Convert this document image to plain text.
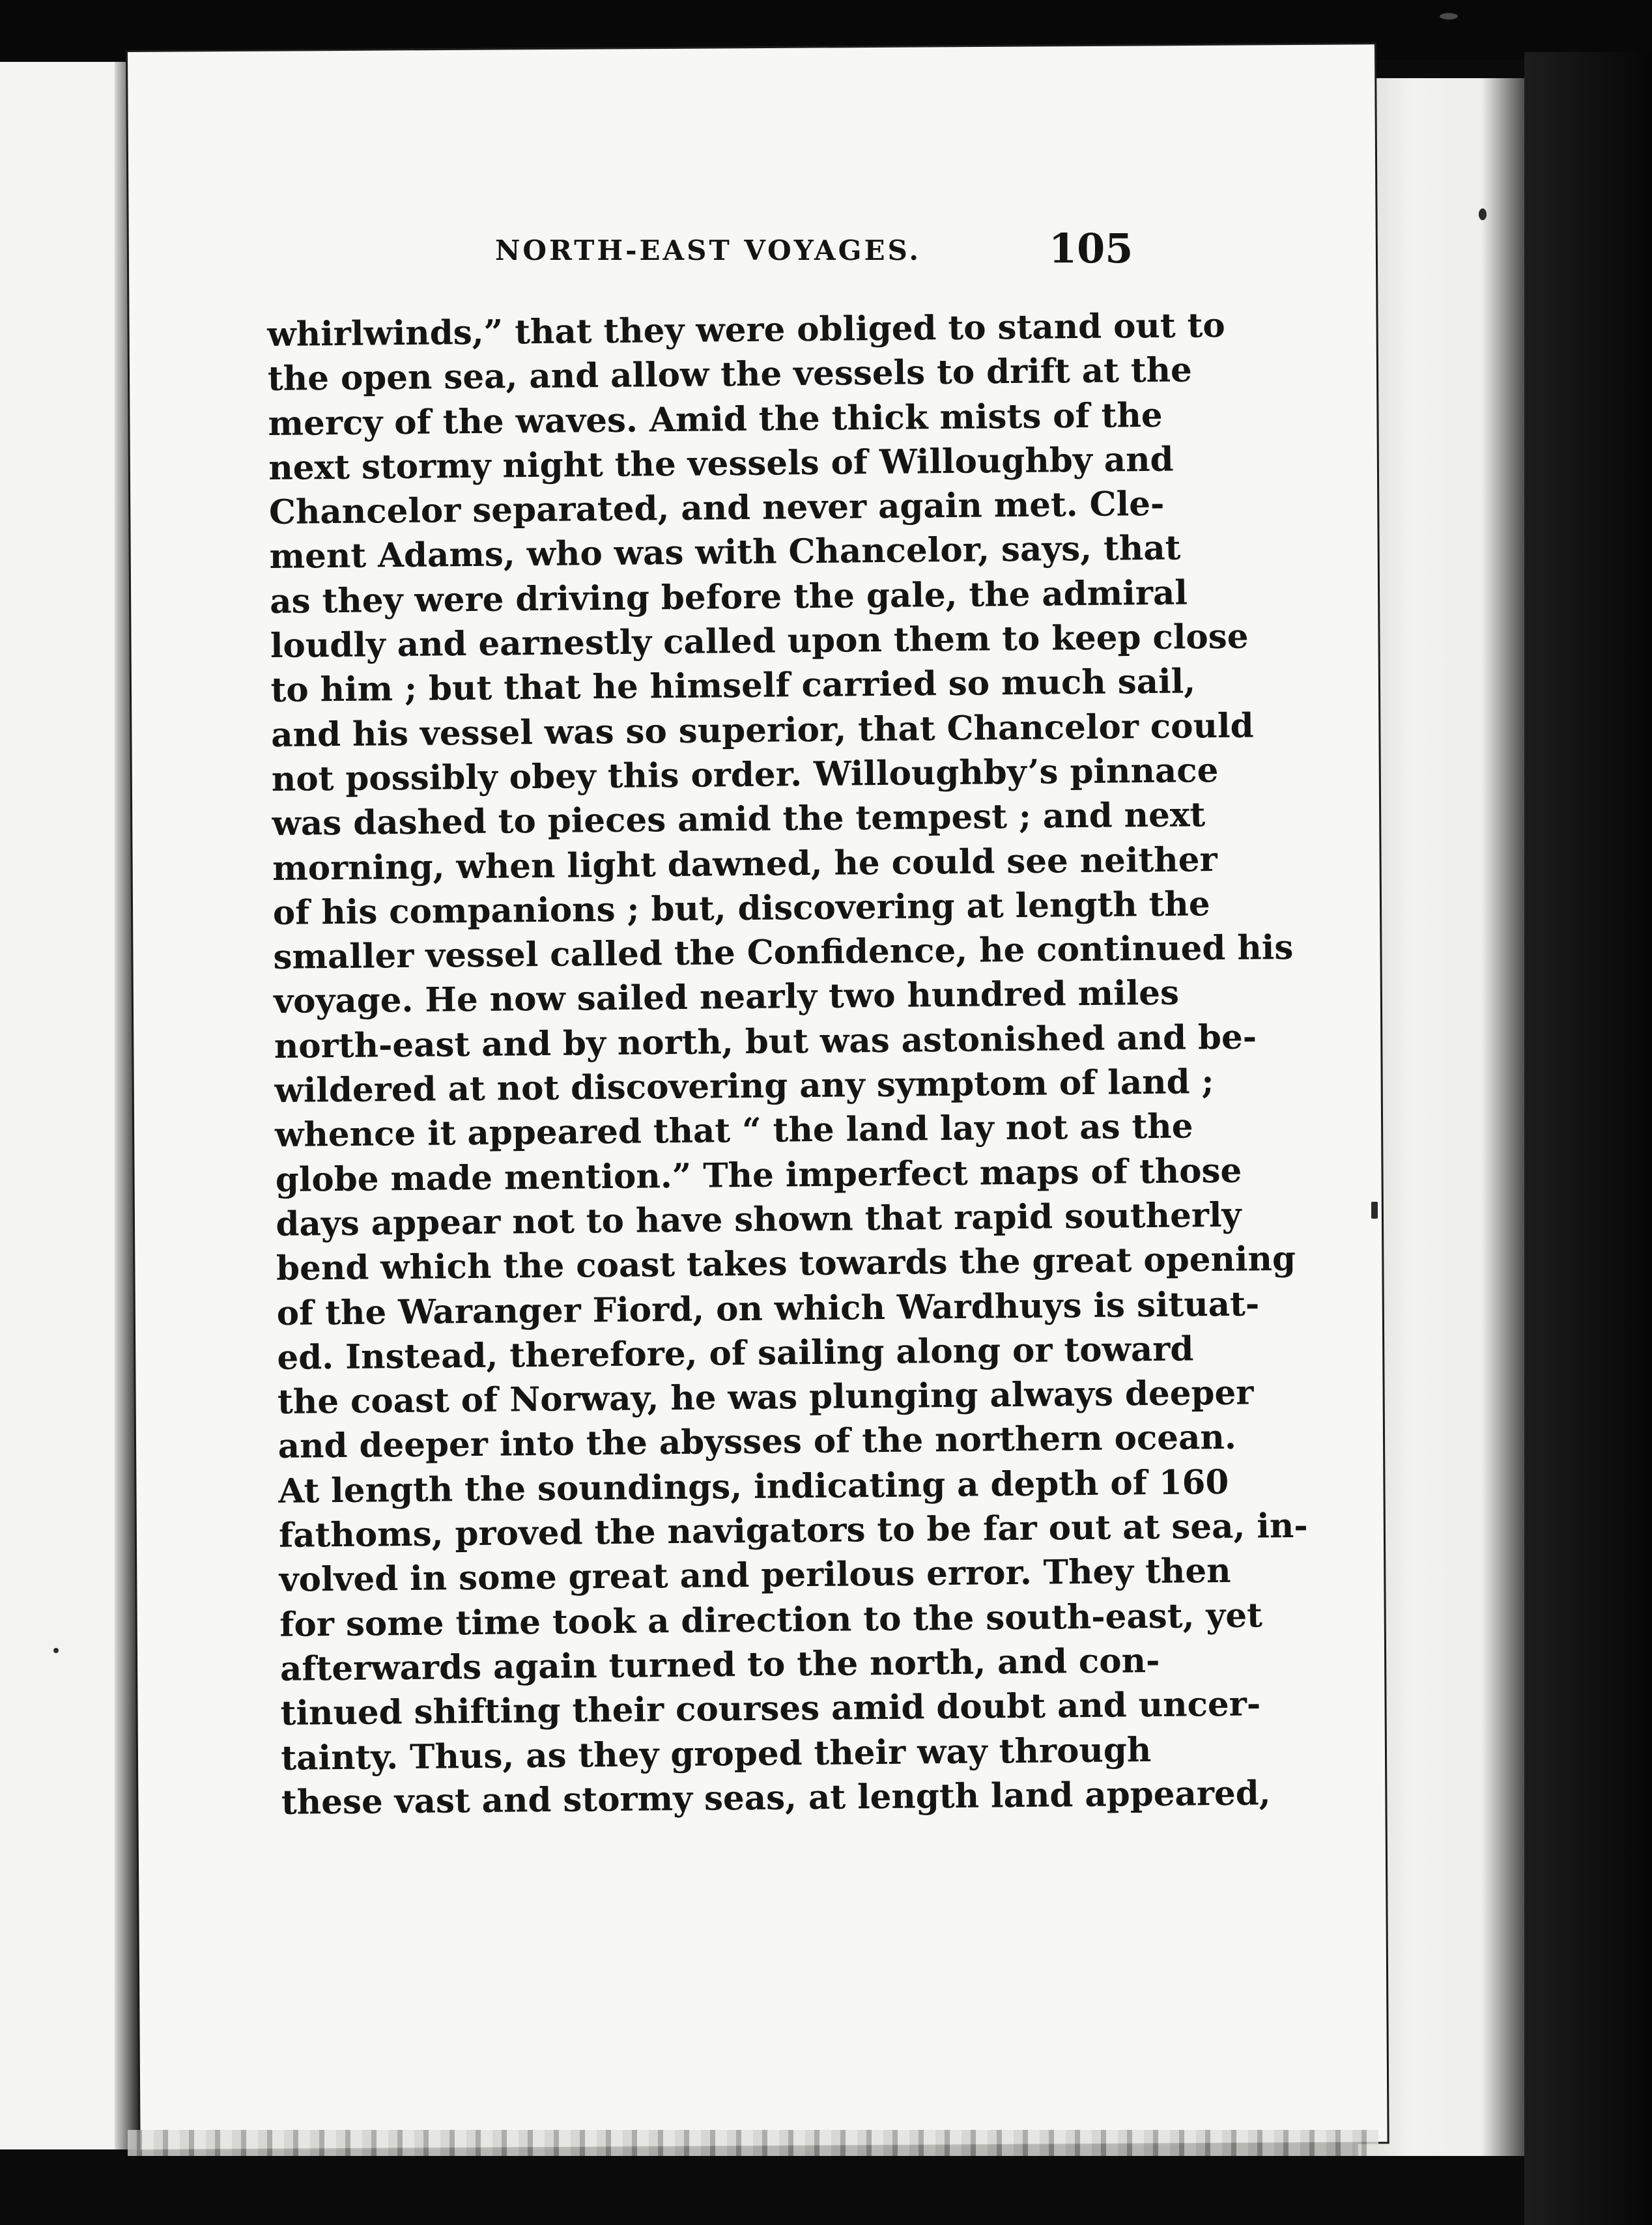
NORTH-EAST VOYAGES.	105
whirlwinds,” that they were obliged to stand out to
the open sea, and allow the vessels to drift at the
mercy of the waves. Amid the thick mists of the
next stormy night the vessels of Willoughby and
Chancelor separated, and never again met. Cle-
ment Adams, who was with Chancelor, says, that
as they were driving before the gale, the admiral
loudly and earnestly called upon them to keep close
to him ; but that he himself carried so much sail,
and his vessel was so superior, that Chancelor could
not possibly obey this order. Willoughby’s pinnace
was dashed to pieces amid the tempest ; and next
morning, when light dawned, he could see neither
of his companions ; but, discovering at length the
smaller vessel called the Confidence, he continued his
voyage. He now sailed nearly two hundred miles
north-east and by north, but was astonished and be-
wildered at not discovering any symptom of land ;
whence it appeared that “ the land lay not as the
globe made mention.” The imperfect maps of those
days appear not to have shown that rapid southerly
bend which the coast takes towards the great opening
of the Waranger Fiord, on which Wardhuys is situat-
ed. Instead, therefore, of sailing along or toward
the coast of Norway, he was plunging always deeper
and deeper into the abysses of the northern ocean.
At length the soundings, indicating a depth of 160
fathoms, proved the navigators to be far out at sea, in-
volved in some great and perilous error. They then
for some time took a direction to the south-east, yet
afterwards again turned to the north, and con-
tinued shifting their courses amid doubt and uncer-
tainty. Thus, as they groped their way through
these vast and stormy seas, at length land appeared,
